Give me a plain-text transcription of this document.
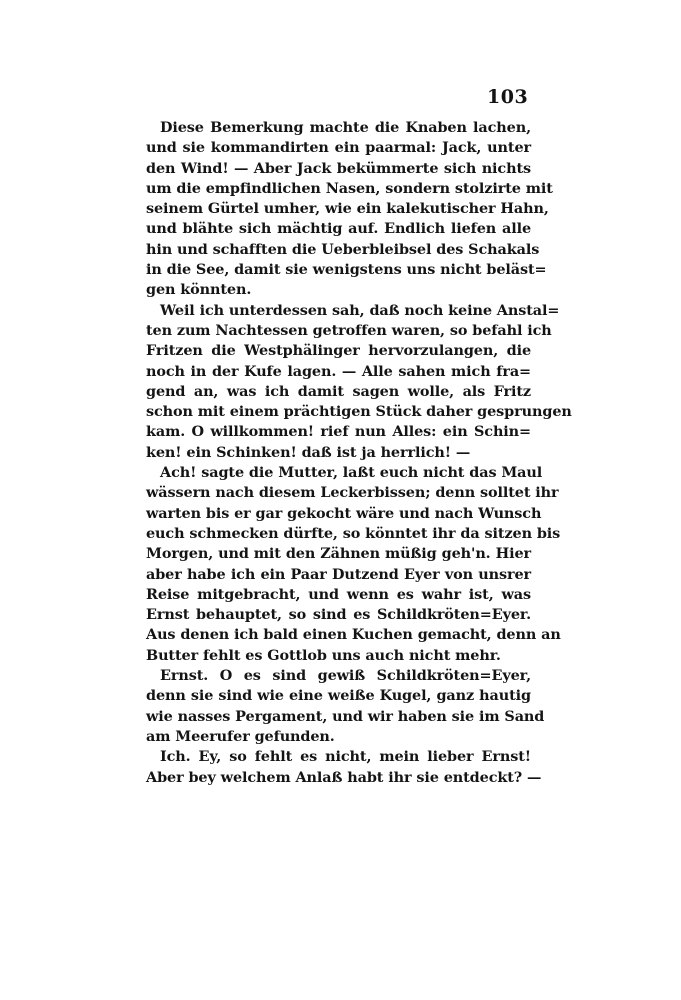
103
Diese Bemerkung machte die Knaben lachen,
und sie kommandirten ein paarmal: Jack, unter
den Wind! — Aber Jack bekümmerte sich nichts
um die empfindlichen Nasen, sondern stolzirte mit
seinem Gürtel umher, wie ein kalekutischer Hahn,
und blähte sich mächtig auf. Endlich liefen alle
hin und schafften die Ueberbleibsel des Schakals
in die See, damit sie wenigstens uns nicht beläst=
gen könnten.
Weil ich unterdessen sah, daß noch keine Anstal=
ten zum Nachtessen getroffen waren, so befahl ich
Fritzen die Westphälinger hervorzulangen, die
noch in der Kufe lagen. — Alle sahen mich fra=
gend an, was ich damit sagen wolle, als Fritz
schon mit einem prächtigen Stück daher gesprungen
kam. O willkommen! rief nun Alles: ein Schin=
ken! ein Schinken! daß ist ja herrlich! —
Ach! sagte die Mutter, laßt euch nicht das Maul
wässern nach diesem Leckerbissen; denn solltet ihr
warten bis er gar gekocht wäre und nach Wunsch
euch schmecken dürfte, so könntet ihr da sitzen bis
Morgen, und mit den Zähnen müßig geh'n. Hier
aber habe ich ein Paar Dutzend Eyer von unsrer
Reise mitgebracht, und wenn es wahr ist, was
Ernst behauptet, so sind es Schildkröten=Eyer.
Aus denen ich bald einen Kuchen gemacht, denn an
Butter fehlt es Gottlob uns auch nicht mehr.
Ernst. O es sind gewiß Schildkröten=Eyer,
denn sie sind wie eine weiße Kugel, ganz hautig
wie nasses Pergament, und wir haben sie im Sand
am Meerufer gefunden.
Ich. Ey, so fehlt es nicht, mein lieber Ernst!
Aber bey welchem Anlaß habt ihr sie entdeckt? —
